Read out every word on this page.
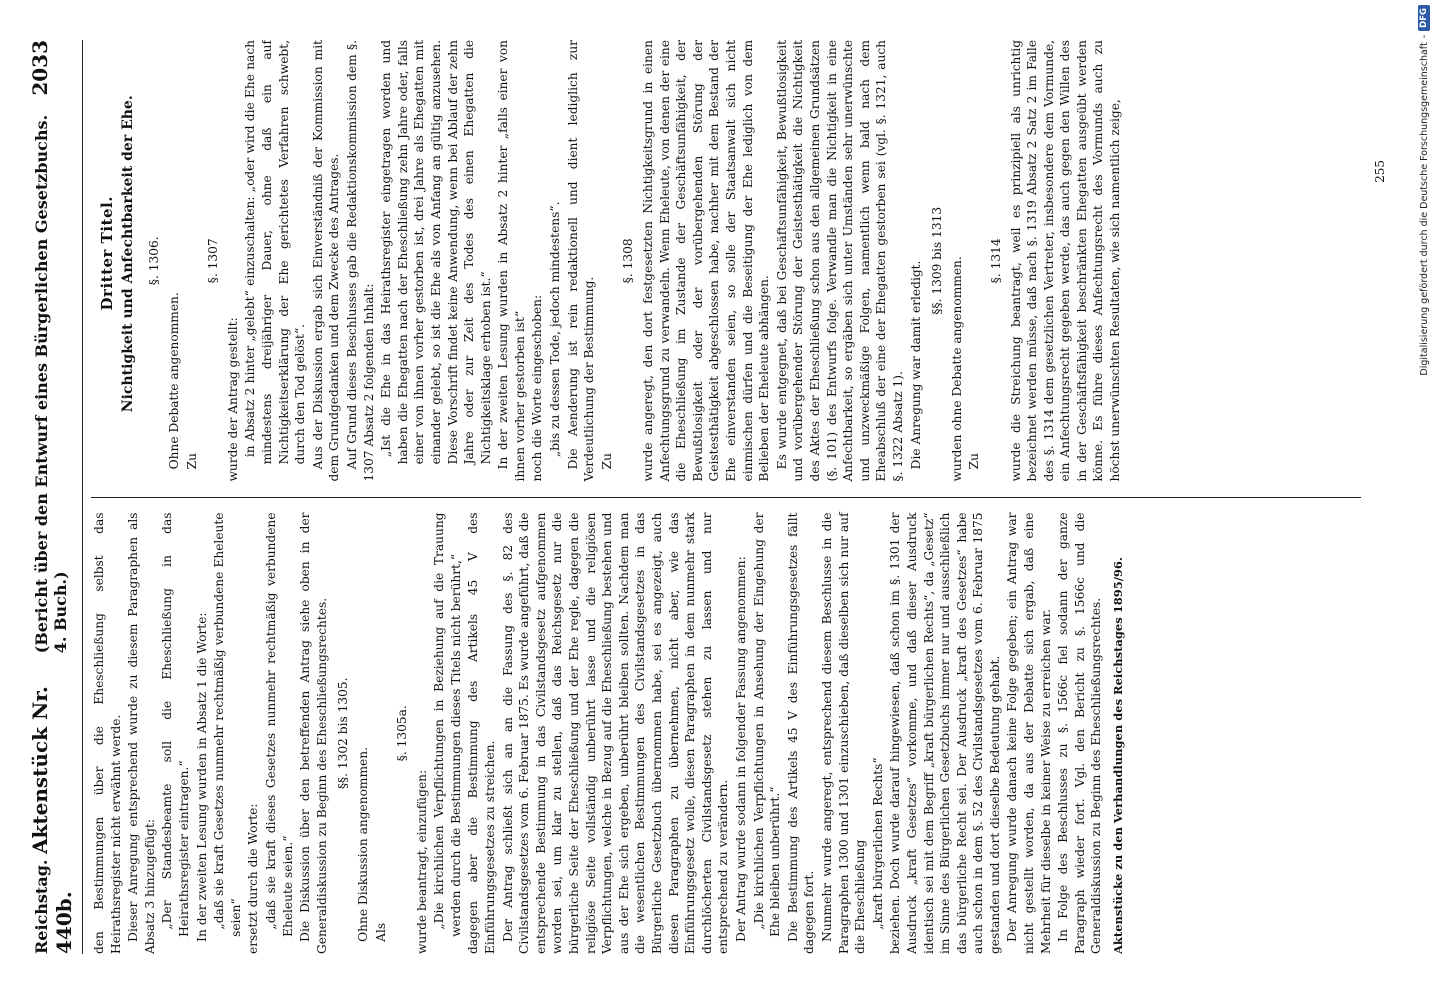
Reichstag. Aktenstück Nr. 440b.
(Bericht über den Entwurf eines Bürgerlichen Gesetzbuchs. 4. Buch.)
2033

den Bestimmungen über die Eheschließung selbst das Heirathsregister nicht erwähnt werde. Dieser Anregung entsprechend wurde zu diesem Paragraphen als Absatz 3 hinzugefügt: „Der Standesbeamte soll die Eheschließung in das Heirathsregister eintragen.“ In der zweiten Lesung wurden in Absatz 1 die Worte: „daß sie kraft Gesetzes nunmehr rechtmäßig verbundene Eheleute seien“ ersetzt durch die Worte: „daß sie kraft dieses Gesetzes nunmehr rechtmäßig verbundene Eheleute seien.“ Die Diskussion über den betreffenden Antrag siehe oben in der Generaldiskussion zu Beginn des Eheschließungsrechtes. §§. 1302 bis 1305.

Ohne Diskussion angenommen. Als

§. 1305a.

wurde beantragt, einzufügen: „Die kirchlichen Verpflichtungen in Beziehung auf die Trauung werden durch die Bestimmungen dieses Titels nicht berührt,“ dagegen aber die Bestimmung des Artikels 45 V des Einführungsgesetzes zu streichen. Der Antrag schließt sich an an die Fassung des §. 82 des Civilstandsgesetzes vom 6. Februar 1875. Es wurde angeführt, daß die entsprechende Bestimmung in das Civilstandsgesetz aufgenommen worden sei, um klar zu stellen, daß das Reichsgesetz nur die bürgerliche Seite der Eheschließung und der Ehe regle, dagegen die religiöse Seite vollständig unberührt lasse und die religiösen Verpflichtungen, welche in Bezug auf die Eheschließung bestehen und aus der Ehe sich ergeben, unberührt bleiben sollten. Nachdem man die wesentlichen Bestimmungen des Civilstandsgesetzes in das Bürgerliche Gesetzbuch übernommen habe, sei es angezeigt, auch diesen Paragraphen zu übernehmen, nicht aber, wie das Einführungsgesetz wolle, diesen Paragraphen in dem nunmehr stark durchlöcherten Civilstandsgesetz stehen zu lassen und nur entsprechend zu verändern. Der Antrag wurde sodann in folgender Fassung angenommen: „Die kirchlichen Verpflichtungen in Ansehung der Eingehung der Ehe bleiben unberührt.“ Die Bestimmung des Artikels 45 V des Einführungsgesetzes fällt dagegen fort. Nunmehr wurde angeregt, entsprechend diesem Beschlusse in die Paragraphen 1300 und 1301 einzuschieben, daß dieselben sich nur auf die Eheschließung „kraft bürgerlichen Rechts“ beziehen. Doch wurde darauf hingewiesen, daß schon im §. 1301 der Ausdruck „kraft Gesetzes“ vorkomme, und daß dieser Ausdruck identisch sei mit dem Begriff „kraft bürgerlichen Rechts“, da „Gesetz“ im Sinne des Bürgerlichen Gesetzbuchs immer nur und ausschließlich das bürgerliche Recht sei. Der Ausdruck „kraft des Gesetzes“ habe auch schon in dem §. 52 des Civilstandsgesetzes vom 6. Februar 1875 gestanden und dort dieselbe Bedeutung gehabt. Der Anregung wurde danach keine Folge gegeben; ein Antrag war nicht gestellt worden, da aus der Debatte sich ergab, daß eine Mehrheit für dieselbe in keiner Weise zu erreichen war. In Folge des Beschlusses zu §. 1566c fiel sodann der ganze Paragraph wieder fort. Vgl. den Bericht zu §. 1566c und die Generaldiskussion zu Beginn des Eheschließungsrechtes. Aktenstücke zu den Verhandlungen des Reichstages 1895/96.

Dritter Titel. Nichtigkeit und Anfechtbarkeit der Ehe. §. 1306.

Ohne Debatte angenommen. Zu

§. 1307

wurde der Antrag gestellt: in Absatz 2 hinter „gelebt“ einzuschalten: „oder wird die Ehe nach mindestens dreijähriger Dauer, ohne daß ein auf Nichtigkeitserklärung der Ehe gerichtetes Verfahren schwebt, durch den Tod gelöst“. Aus der Diskussion ergab sich Einverständniß der Kommission mit dem Grundgedanken und dem Zwecke des Antrages. Auf Grund dieses Beschlusses gab die Redaktionskommission dem §. 1307 Absatz 2 folgenden Inhalt: „Ist die Ehe in das Heirathsregister eingetragen worden und haben die Ehegatten nach der Eheschließung zehn Jahre oder, falls einer von ihnen vorher gestorben ist, drei Jahre als Ehegatten mit einander gelebt, so ist die Ehe als von Anfang an gültig anzusehen. Diese Vorschrift findet keine Anwendung, wenn bei Ablauf der zehn Jahre oder zur Zeit des Todes des einen Ehegatten die Nichtigkeitsklage erhoben ist.“ In der zweiten Lesung wurden in Absatz 2 hinter „falls einer von ihnen vorher gestorben ist“ noch die Worte eingeschoben: „bis zu dessen Tode, jedoch mindestens“. Die Aenderung ist rein redaktionell und dient lediglich zur Verdeutlichung der Bestimmung. Zu

§. 1308 wurde angeregt, den dort festgesetzten Nichtigkeitsgrund in einen Anfechtungsgrund zu verwandeln. Wenn Eheleute, von denen der eine die Eheschließung im Zustande der Geschäftsunfähigkeit, der Bewußtlosigkeit oder der vorübergehenden Störung der Geistesthätigkeit abgeschlossen habe, nachher mit dem Bestand der Ehe einverstanden seien, so solle der Staatsanwalt sich nicht einmischen dürfen und die Beseitigung der Ehe lediglich von dem Belieben der Eheleute abhängen. Es wurde entgegnet, daß bei Geschäftsunfähigkeit, Bewußtlosigkeit und vorübergehender Störung der Geistesthätigkeit die Nichtigkeit des Aktes der Eheschließung schon aus den allgemeinen Grundsätzen (§. 101) des Entwurfs folge. Verwandle man die Nichtigkeit in eine Anfechtbarkeit, so ergäben sich unter Umständen sehr unerwünschte und unzweckmäßige Folgen, namentlich wenn bald nach dem Eheabschluß der eine der Ehegatten gestorben sei (vgl. §. 1321, auch §. 1322 Absatz 1). Die Anregung war damit erledigt. §§. 1309 bis 1313 wurden ohne Debatte angenommen. Zu

§. 1314 wurde die Streichung beantragt, weil es prinzipiell als unrichtig bezeichnet werden müsse, daß nach §. 1319 Absatz 2 Satz 2 im Falle des §. 1314 dem gesetzlichen Vertreter, insbesondere dem Vormunde, ein Anfechtungsrecht gegeben werde, das auch gegen den Willen des in der Geschäftsfähigkeit beschränkten Ehegatten ausgeübt werden könne. Es führe dieses Anfechtungsrecht des Vormunds auch zu höchst unerwünschten Resultaten, wie sich namentlich zeige,	255	Digitalisierung gefördert durch die Deutsche Forschungsgemeinschaft
-
DFG
